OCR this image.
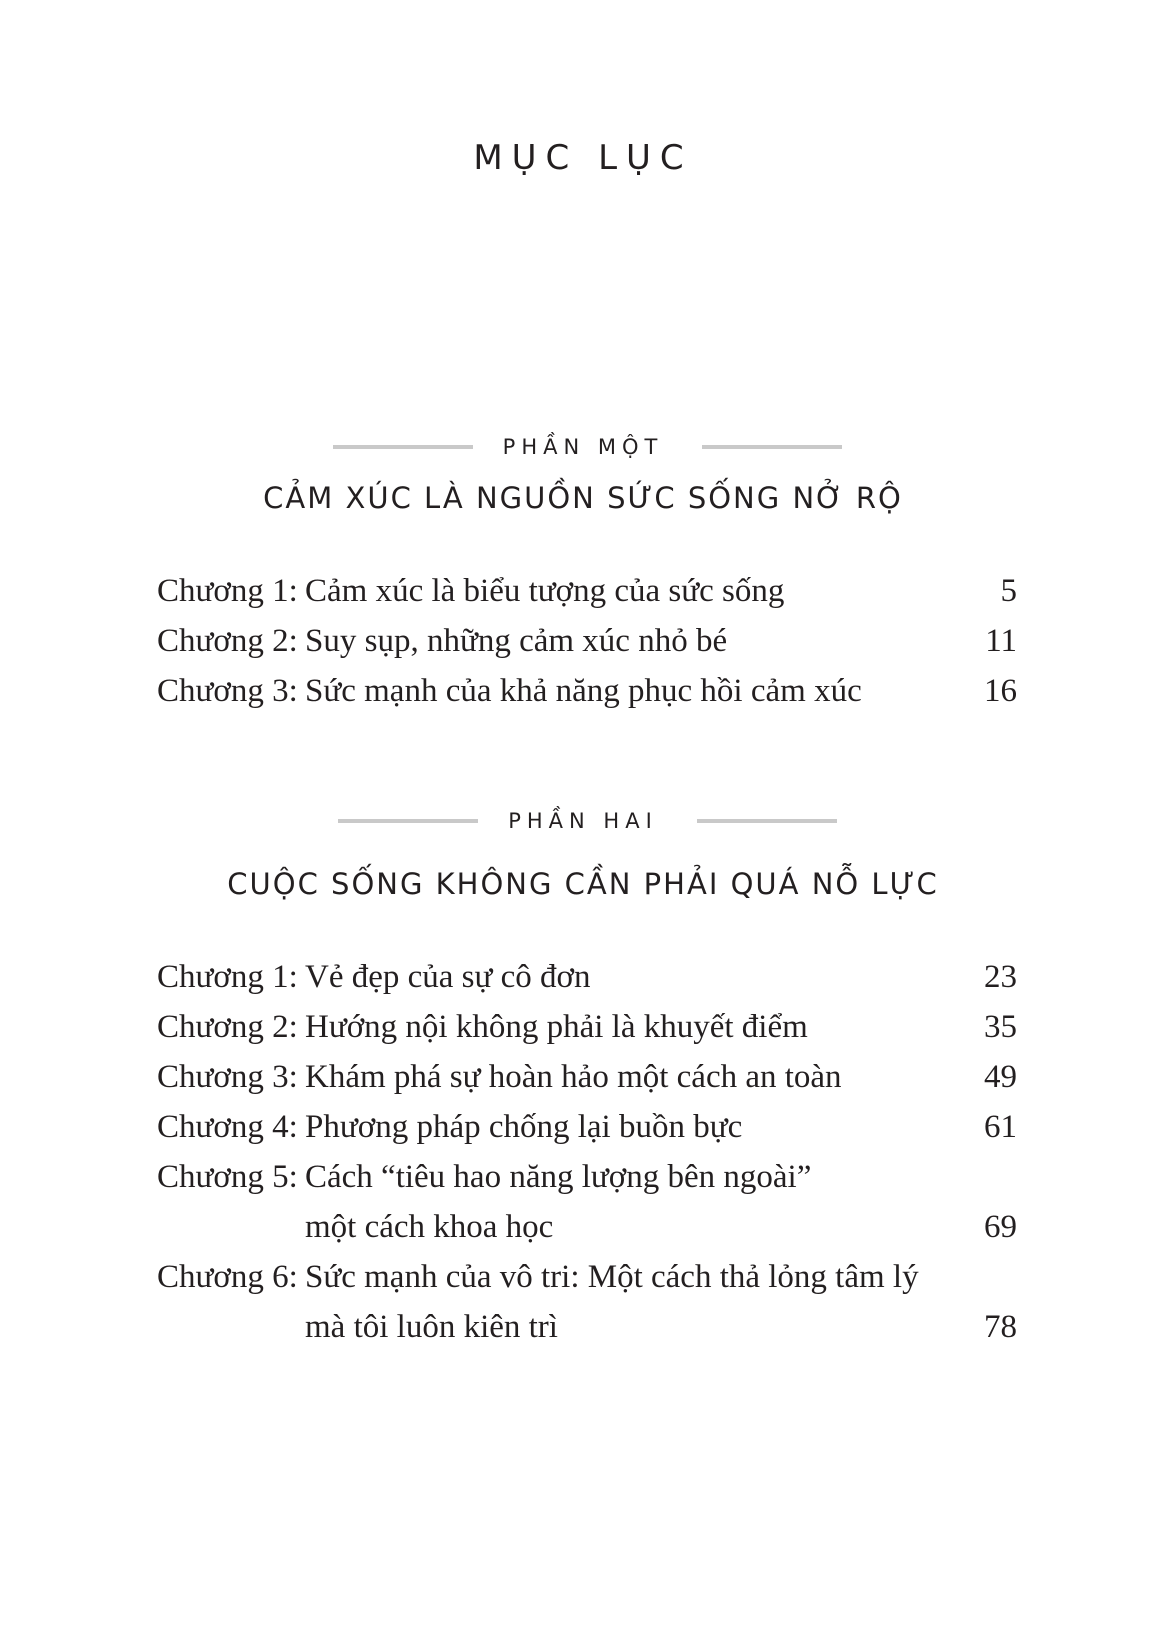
MỤC LỤC
PHẦN MỘT
CẢM XÚC LÀ NGUỒN SỨC SỐNG NỞ RỘ
Chương 1: Cảm xúc là biểu tượng của sức sống	5
Chương 2: Suy sụp, những cảm xúc nhỏ bé	11
Chương 3: Sức mạnh của khả năng phục hồi cảm xúc	16
PHẦN HAI
CUỘC SỐNG KHÔNG CẦN PHẢI QUÁ NỖ LỰC
Chương 1: Vẻ đẹp của sự cô đơn	23
Chương 2: Hướng nội không phải là khuyết điểm	35
Chương 3: Khám phá sự hoàn hảo một cách an toàn	49
Chương 4: Phương pháp chống lại buồn bực	61
Chương 5: Cách “tiêu hao năng lượng bên ngoài”
một cách khoa học	69
Chương 6: Sức mạnh của vô tri: Một cách thả lỏng tâm lý
mà tôi luôn kiên trì	78
